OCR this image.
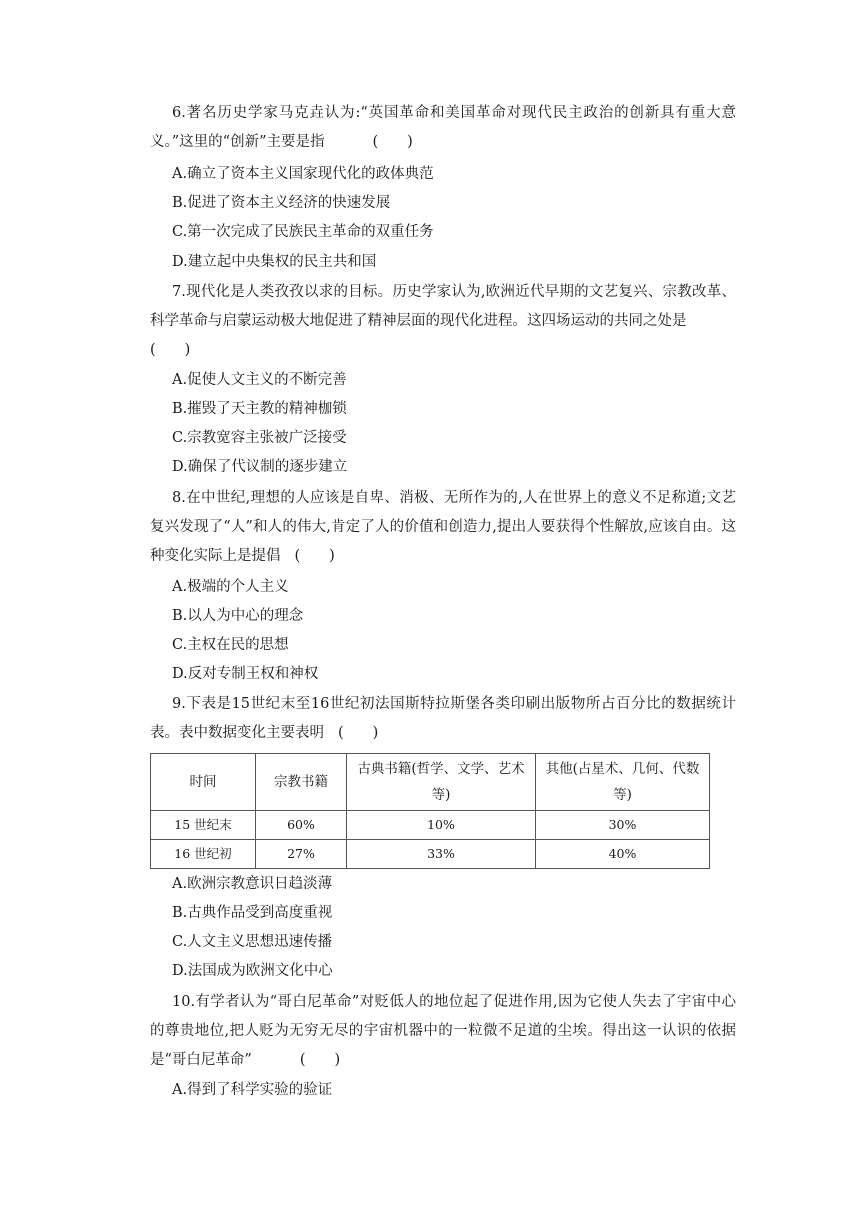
6.著名历史学家马克垚认为:“英国革命和美国革命对现代民主政治的创新具有重大意义。”这里的“创新”主要是指	(　　)

A.确立了资本主义国家现代化的政体典范

B.促进了资本主义经济的快速发展

C.第一次完成了民族民主革命的双重任务

D.建立起中央集权的民主共和国

7.现代化是人类孜孜以求的目标。历史学家认为,欧洲近代早期的文艺复兴、宗教改革、科学革命与启蒙运动极大地促进了精神层面的现代化进程。这四场运动的共同之处是
(　　)

A.促使人文主义的不断完善

B.摧毁了天主教的精神枷锁

C.宗教宽容主张被广泛接受

D.确保了代议制的逐步建立

8.在中世纪,理想的人应该是自卑、消极、无所作为的,人在世界上的意义不足称道;文艺复兴发现了“人”和人的伟大,肯定了人的价值和创造力,提出人要获得个性解放,应该自由。这种变化实际上是提倡 (　　)

A.极端的个人主义

B.以人为中心的理念

C.主权在民的思想

D.反对专制王权和神权

9.下表是15世纪末至16世纪初法国斯特拉斯堡各类印刷出版物所占百分比的数据统计表。表中数据变化主要表明 (　　)

时间	宗教书籍	古典书籍(哲学、文学、艺术等)	其他(占星术、几何、代数等)
15 世纪末	60%	10%	30%
16 世纪初	27%	33%	40%

A.欧洲宗教意识日趋淡薄

B.古典作品受到高度重视

C.人文主义思想迅速传播

D.法国成为欧洲文化中心

10.有学者认为“哥白尼革命”对贬低人的地位起了促进作用,因为它使人失去了宇宙中心的尊贵地位,把人贬为无穷无尽的宇宙机器中的一粒微不足道的尘埃。得出这一认识的依据是“哥白尼革命”	(　　)

A.得到了科学实验的验证
